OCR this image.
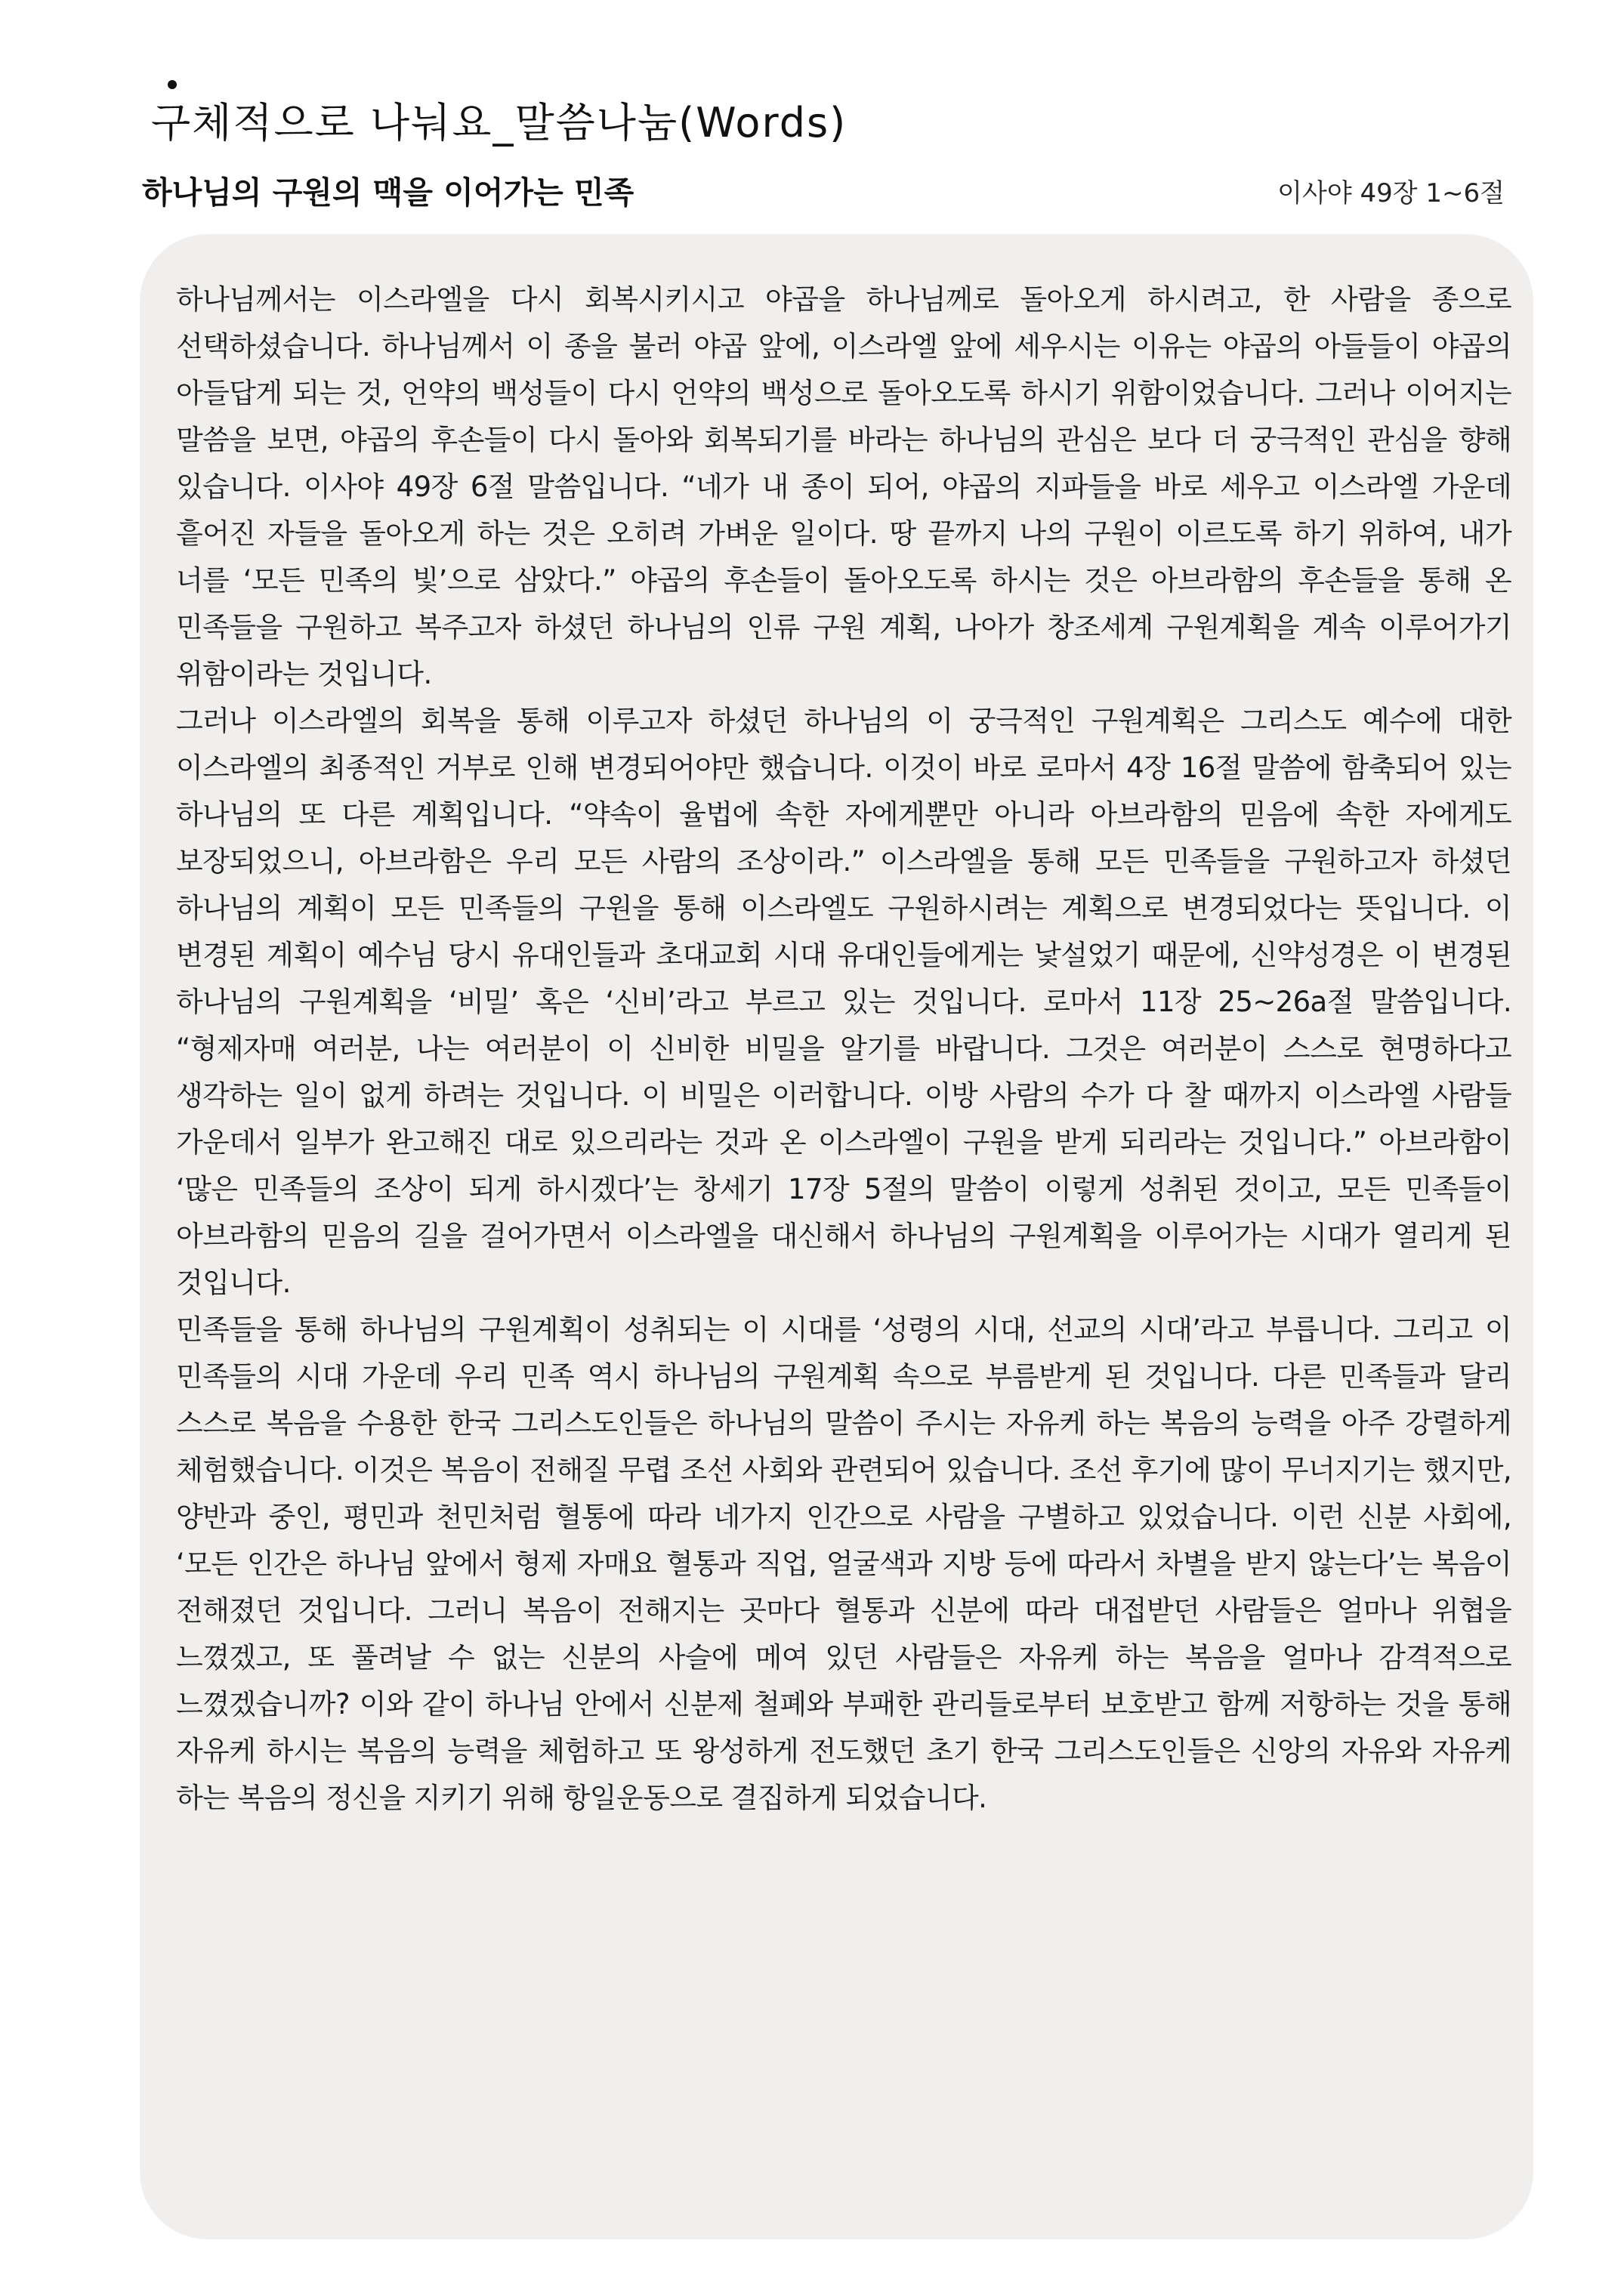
구체적으로 나눠요_말씀나눔(Words)
하나님의 구원의 맥을 이어가는 민족	이사야 49장 1~6절

하나님께서는 이스라엘을 다시 회복시키시고 야곱을 하나님께로 돌아오게 하시려고, 한 사람을 종으로 선택하셨습니다. 하나님께서 이 종을 불러 야곱 앞에, 이스라엘 앞에 세우시는 이유는 야곱의 아들들이 야곱의 아들답게 되는 것, 언약의 백성들이 다시 언약의 백성으로 돌아오도록 하시기 위함이었습니다. 그러나 이어지는 말씀을 보면, 야곱의 후손들이 다시 돌아와 회복되기를 바라는 하나님의 관심은 보다 더 궁극적인 관심을 향해 있습니다. 이사야 49장 6절 말씀입니다. “네가 내 종이 되어, 야곱의 지파들을 바로 세우고 이스라엘 가운데 흩어진 자들을 돌아오게 하는 것은 오히려 가벼운 일이다. 땅 끝까지 나의 구원이 이르도록 하기 위하여, 내가 너를 ‘모든 민족의 빛’으로 삼았다.” 야곱의 후손들이 돌아오도록 하시는 것은 아브라함의 후손들을 통해 온 민족들을 구원하고 복주고자 하셨던 하나님의 인류 구원 계획, 나아가 창조세계 구원계획을 계속 이루어가기 위함이라는 것입니다.

그러나 이스라엘의 회복을 통해 이루고자 하셨던 하나님의 이 궁극적인 구원계획은 그리스도 예수에 대한 이스라엘의 최종적인 거부로 인해 변경되어야만 했습니다. 이것이 바로 로마서 4장 16절 말씀에 함축되어 있는 하나님의 또 다른 계획입니다. “약속이 율법에 속한 자에게뿐만 아니라 아브라함의 믿음에 속한 자에게도 보장되었으니, 아브라함은 우리 모든 사람의 조상이라.” 이스라엘을 통해 모든 민족들을 구원하고자 하셨던 하나님의 계획이 모든 민족들의 구원을 통해 이스라엘도 구원하시려는 계획으로 변경되었다는 뜻입니다. 이 변경된 계획이 예수님 당시 유대인들과 초대교회 시대 유대인들에게는 낯설었기 때문에, 신약성경은 이 변경된 하나님의 구원계획을 ‘비밀’ 혹은 ‘신비’라고 부르고 있는 것입니다. 로마서 11장 25~26a절 말씀입니다. “형제자매 여러분, 나는 여러분이 이 신비한 비밀을 알기를 바랍니다. 그것은 여러분이 스스로 현명하다고 생각하는 일이 없게 하려는 것입니다. 이 비밀은 이러합니다. 이방 사람의 수가 다 찰 때까지 이스라엘 사람들 가운데서 일부가 완고해진 대로 있으리라는 것과 온 이스라엘이 구원을 받게 되리라는 것입니다.” 아브라함이 ‘많은 민족들의 조상이 되게 하시겠다’는 창세기 17장 5절의 말씀이 이렇게 성취된 것이고, 모든 민족들이 아브라함의 믿음의 길을 걸어가면서 이스라엘을 대신해서 하나님의 구원계획을 이루어가는 시대가 열리게 된 것입니다.

민족들을 통해 하나님의 구원계획이 성취되는 이 시대를 ‘성령의 시대, 선교의 시대’라고 부릅니다. 그리고 이 민족들의 시대 가운데 우리 민족 역시 하나님의 구원계획 속으로 부름받게 된 것입니다. 다른 민족들과 달리 스스로 복음을 수용한 한국 그리스도인들은 하나님의 말씀이 주시는 자유케 하는 복음의 능력을 아주 강렬하게 체험했습니다. 이것은 복음이 전해질 무렵 조선 사회와 관련되어 있습니다. 조선 후기에 많이 무너지기는 했지만, 양반과 중인, 평민과 천민처럼 혈통에 따라 네가지 인간으로 사람을 구별하고 있었습니다. 이런 신분 사회에, ‘모든 인간은 하나님 앞에서 형제 자매요 혈통과 직업, 얼굴색과 지방 등에 따라서 차별을 받지 않는다’는 복음이 전해졌던 것입니다. 그러니 복음이 전해지는 곳마다 혈통과 신분에 따라 대접받던 사람들은 얼마나 위협을 느꼈겠고, 또 풀려날 수 없는 신분의 사슬에 메여 있던 사람들은 자유케 하는 복음을 얼마나 감격적으로 느꼈겠습니까? 이와 같이 하나님 안에서 신분제 철폐와 부패한 관리들로부터 보호받고 함께 저항하는 것을 통해 자유케 하시는 복음의 능력을 체험하고 또 왕성하게 전도했던 초기 한국 그리스도인들은 신앙의 자유와 자유케 하는 복음의 정신을 지키기 위해 항일운동으로 결집하게 되었습니다.
